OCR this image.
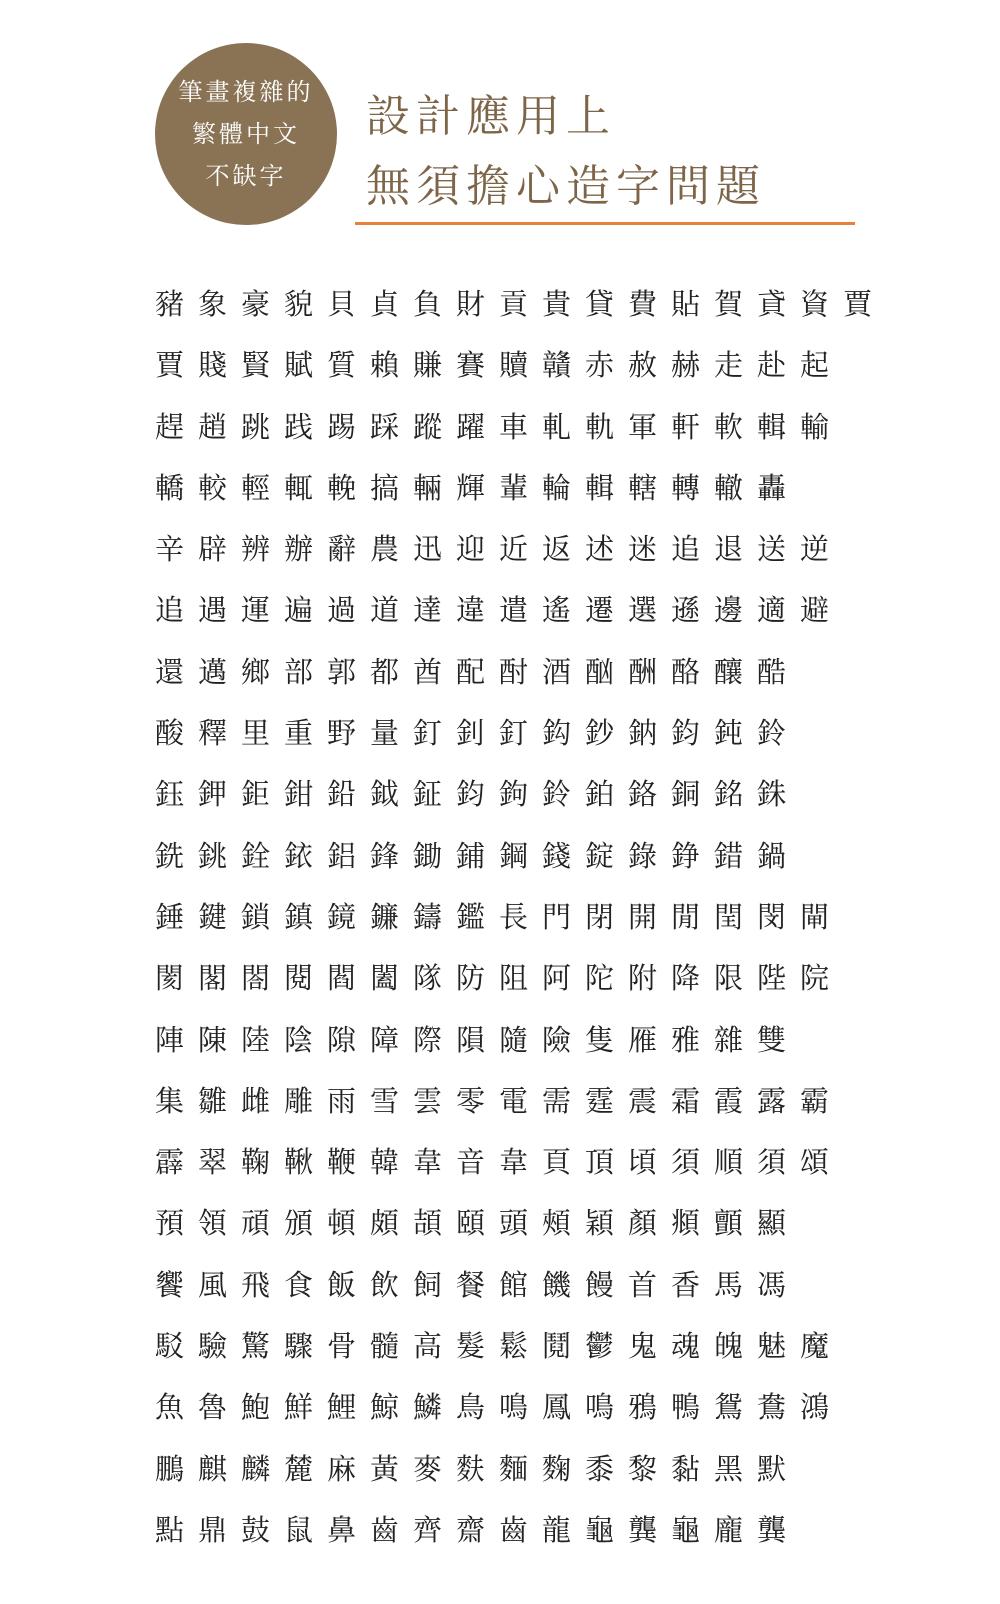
筆畫複雜的
繁體中文
不缺字
設計應用上
無須擔心造字問題
豬象豪貌貝貞負財貢貴貸費貼賀貣資賈
賈賤賢賦質賴賺賽贖贛赤赦赫走赴起
趕趙跳践踢踩蹤躍車軋軌軍軒軟輯輸
轎較輕輒輓搞輛輝輩輪輯轄轉轍轟
辛辟辨辦辭農迅迎近返述迷追退送逆
追遇運遍過道達違遣遙遷選遜邊適避
還邁鄉部郭都酋配酎酒酗酬酪釀酷
酸釋里重野量釘釗釘鈎鈔鈉鈞鈍鈴
鈺鉀鉅鉗鉛鉞鉦鈞鉤鈴鉑鉻銅銘銖
銑銚銓銥鋁鋒鋤鋪鋼錢錠錄錚錯鍋
錘鍵鎖鎮鏡鐮鑄鑑長門閉開閒閏閔閘
閡閣閤閱閻闔隊防阻阿陀附降限陛院
陣陳陸陰隙障際隕隨險隻雁雅雜雙
集雛雌雕雨雪雲零電需霆震霜霞露霸
霹翠鞠鞦鞭韓韋音韋頁頂頃須順須頌
預領頑頒頓頗頡頤頭頰穎顏頫顫顯
饗風飛食飯飲飼餐館饑饅首香馬馮
駁驗驚驟骨髓高髮鬆鬩鬱鬼魂魄魅魔
魚魯鮑鮮鯉鯨鱗鳥鳴鳳鳴鴉鴨鴛鴦鴻
鵬麒麟麓麻黃麥麩麵麴黍黎黏黑默
點鼎鼓鼠鼻齒齊齋齒龍龜龔龜龐龔
